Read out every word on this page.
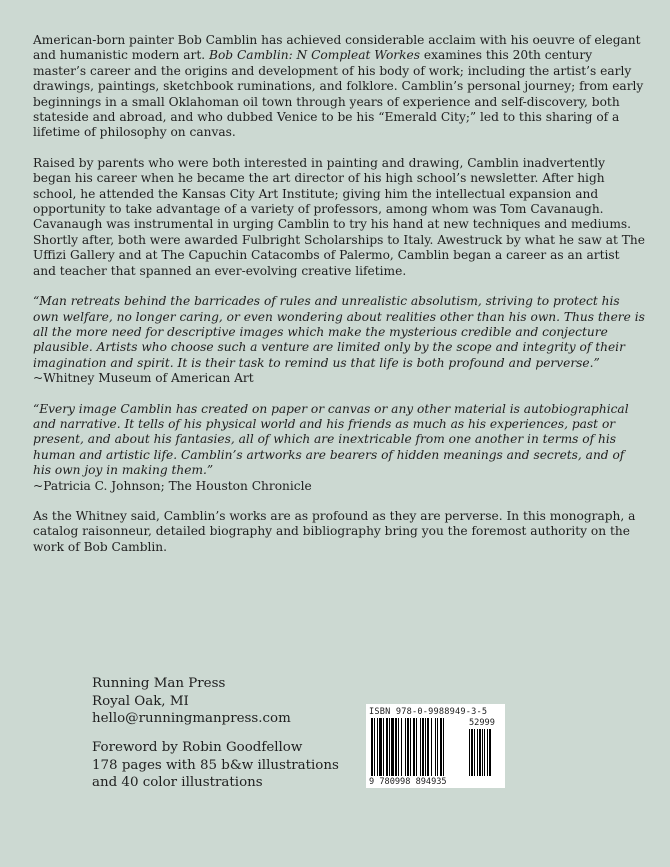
American-born painter Bob Camblin has achieved considerable acclaim with his oeuvre of elegant and humanistic modern art. Bob Camblin: N Compleat Workes examines this 20th century master’s career and the origins and development of his body of work; including the artist’s early drawings, paintings, sketchbook ruminations, and folklore. Camblin’s personal journey; from early beginnings in a small Oklahoman oil town through years of experience and self-discovery, both stateside and abroad, and who dubbed Venice to be his “Emerald City;” led to this sharing of a lifetime of philosophy on canvas.

Raised by parents who were both interested in painting and drawing, Camblin inadvertently began his career when he became the art director of his high school’s newsletter. After high school, he attended the Kansas City Art Institute; giving him the intellectual expansion and opportunity to take advantage of a variety of professors, among whom was Tom Cavanaugh. Cavanaugh was instrumental in urging Camblin to try his hand at new techniques and mediums. Shortly after, both were awarded Fulbright Scholarships to Italy. Awestruck by what he saw at The Uffizi Gallery and at The Capuchin Catacombs of Palermo, Camblin began a career as an artist and teacher that spanned an ever-evolving creative lifetime.

“Man retreats behind the barricades of rules and unrealistic absolutism, striving to protect his own welfare, no longer caring, or even wondering about realities other than his own. Thus there is all the more need for descriptive images which make the mysterious credible and conjecture plausible. Artists who choose such a venture are limited only by the scope and integrity of their imagination and spirit. It is their task to remind us that life is both profound and perverse.”

~Whitney Museum of American Art

“Every image Camblin has created on paper or canvas or any other material is autobiographical and narrative. It tells of his physical world and his friends as much as his experiences, past or present, and about his fantasies, all of which are inextricable from one another in terms of his human and artistic life. Camblin’s artworks are bearers of hidden meanings and secrets, and of his own joy in making them.”

~Patricia C. Johnson; The Houston Chronicle

As the Whitney said, Camblin’s works are as profound as they are perverse. In this monograph, a catalog raisonneur, detailed biography and bibliography bring you the foremost authority on the work of Bob Camblin.

Running Man Press
Royal Oak, MI
hello@runningmanpress.com
Foreword by Robin Goodfellow
178 pages with 85 b&w illustrations
and 40 color illustrations
ISBN 978-0-9988949-3-5
52999
9 780998 894935
